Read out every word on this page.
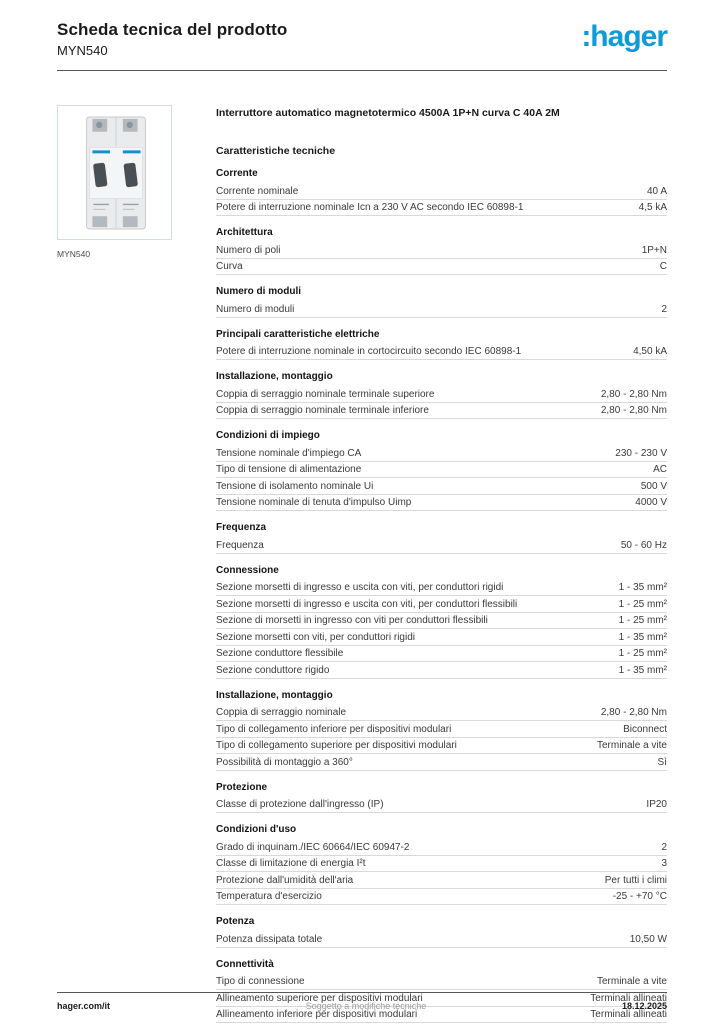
Scheda tecnica del prodotto
MYN540	:hager
MYN540
Interruttore automatico magnetotermico 4500A 1P+N curva C 40A 2M
Caratteristiche tecniche
Corrente
Corrente nominale	40 A
Potere di interruzione nominale Icn a 230 V AC secondo IEC 60898-1	4,5 kA
Architettura
Numero di poli	1P+N
Curva	C
Numero di moduli
Numero di moduli	2
Principali caratteristiche elettriche
Potere di interruzione nominale in cortocircuito secondo IEC 60898-1	4,50 kA
Installazione, montaggio
Coppia di serraggio nominale terminale superiore	2,80 - 2,80 Nm
Coppia di serraggio nominale terminale inferiore	2,80 - 2,80 Nm
Condizioni di impiego
Tensione nominale d'impiego CA	230 - 230 V
Tipo di tensione di alimentazione	AC
Tensione di isolamento nominale Ui	500 V
Tensione nominale di tenuta d'impulso Uimp	4000 V
Frequenza
Frequenza	50 - 60 Hz
Connessione
Sezione morsetti di ingresso e uscita con viti, per conduttori rigidi	1 - 35 mm²
Sezione morsetti di ingresso e uscita con viti, per conduttori flessibili	1 - 25 mm²
Sezione di morsetti in ingresso con viti per conduttori flessibili	1 - 25 mm²
Sezione morsetti con viti, per conduttori rigidi	1 - 35 mm²
Sezione conduttore flessibile	1 - 25 mm²
Sezione conduttore rigido	1 - 35 mm²
Installazione, montaggio
Coppia di serraggio nominale	2,80 - 2,80 Nm
Tipo di collegamento inferiore per dispositivi modulari	Biconnect
Tipo di collegamento superiore per dispositivi modulari	Terminale a vite
Possibilità di montaggio a 360°	Sì
Protezione
Classe di protezione dall'ingresso (IP)	IP20
Condizioni d'uso
Grado di inquinam./IEC 60664/IEC 60947-2	2
Classe di limitazione di energia I²t	3
Protezione dall'umidità dell'aria	Per tutti i climi
Temperatura d'esercizio	-25 - +70 °C
Potenza
Potenza dissipata totale	10,50 W
Connettività
Tipo di connessione	Terminale a vite
Allineamento superiore per dispositivi modulari	Terminali allineati
Allineamento inferiore per dispositivi modulari	Terminali allineati
hager.com/it	Soggetto a modifiche tecniche	18.12.2025
